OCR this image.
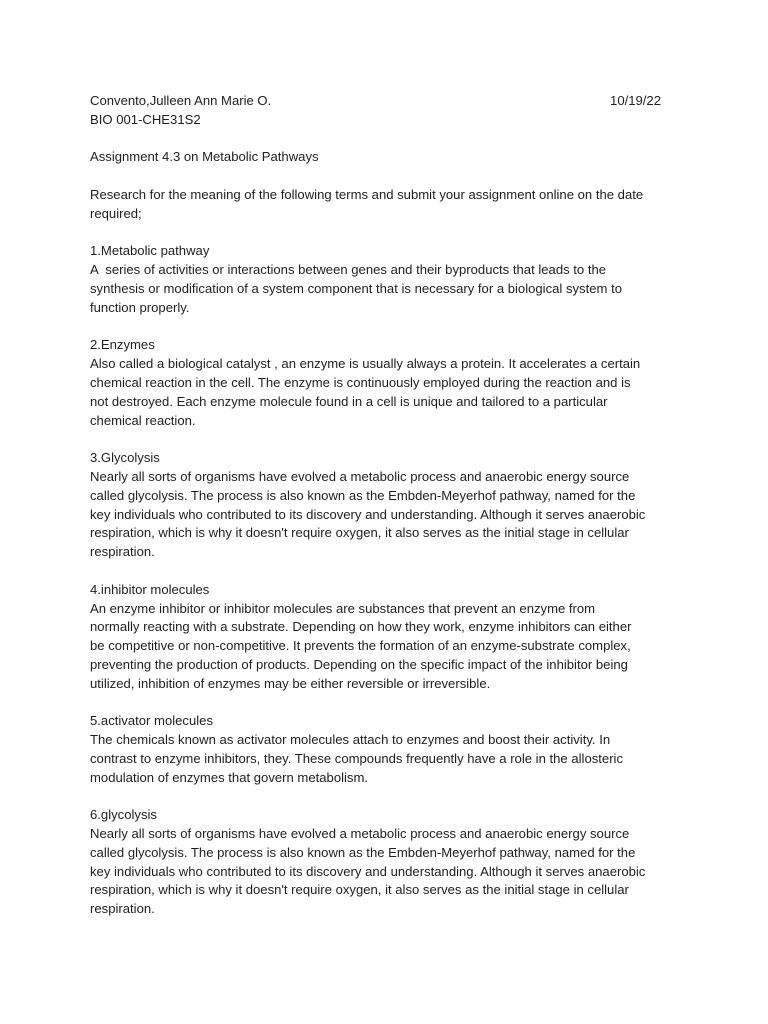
Convento,Julleen Ann Marie O.	10/19/22

BIO 001-CHE31S2

Assignment 4.3 on Metabolic Pathways

Research for the meaning of the following terms and submit your assignment online on the date

required;

1.Metabolic pathway

A  series of activities or interactions between genes and their byproducts that leads to the

synthesis or modification of a system component that is necessary for a biological system to

function properly.

2.Enzymes

Also called a biological catalyst , an enzyme is usually always a protein. It accelerates a certain

chemical reaction in the cell. The enzyme is continuously employed during the reaction and is

not destroyed. Each enzyme molecule found in a cell is unique and tailored to a particular

chemical reaction.

3.Glycolysis

Nearly all sorts of organisms have evolved a metabolic process and anaerobic energy source

called glycolysis. The process is also known as the Embden-Meyerhof pathway, named for the

key individuals who contributed to its discovery and understanding. Although it serves anaerobic

respiration, which is why it doesn't require oxygen, it also serves as the initial stage in cellular

respiration.

4.inhibitor molecules

An enzyme inhibitor or inhibitor molecules are substances that prevent an enzyme from

normally reacting with a substrate. Depending on how they work, enzyme inhibitors can either

be competitive or non-competitive. It prevents the formation of an enzyme-substrate complex,

preventing the production of products. Depending on the specific impact of the inhibitor being

utilized, inhibition of enzymes may be either reversible or irreversible.

5.activator molecules

The chemicals known as activator molecules attach to enzymes and boost their activity. In

contrast to enzyme inhibitors, they. These compounds frequently have a role in the allosteric

modulation of enzymes that govern metabolism.

6.glycolysis

Nearly all sorts of organisms have evolved a metabolic process and anaerobic energy source

called glycolysis. The process is also known as the Embden-Meyerhof pathway, named for the

key individuals who contributed to its discovery and understanding. Although it serves anaerobic

respiration, which is why it doesn't require oxygen, it also serves as the initial stage in cellular

respiration.
